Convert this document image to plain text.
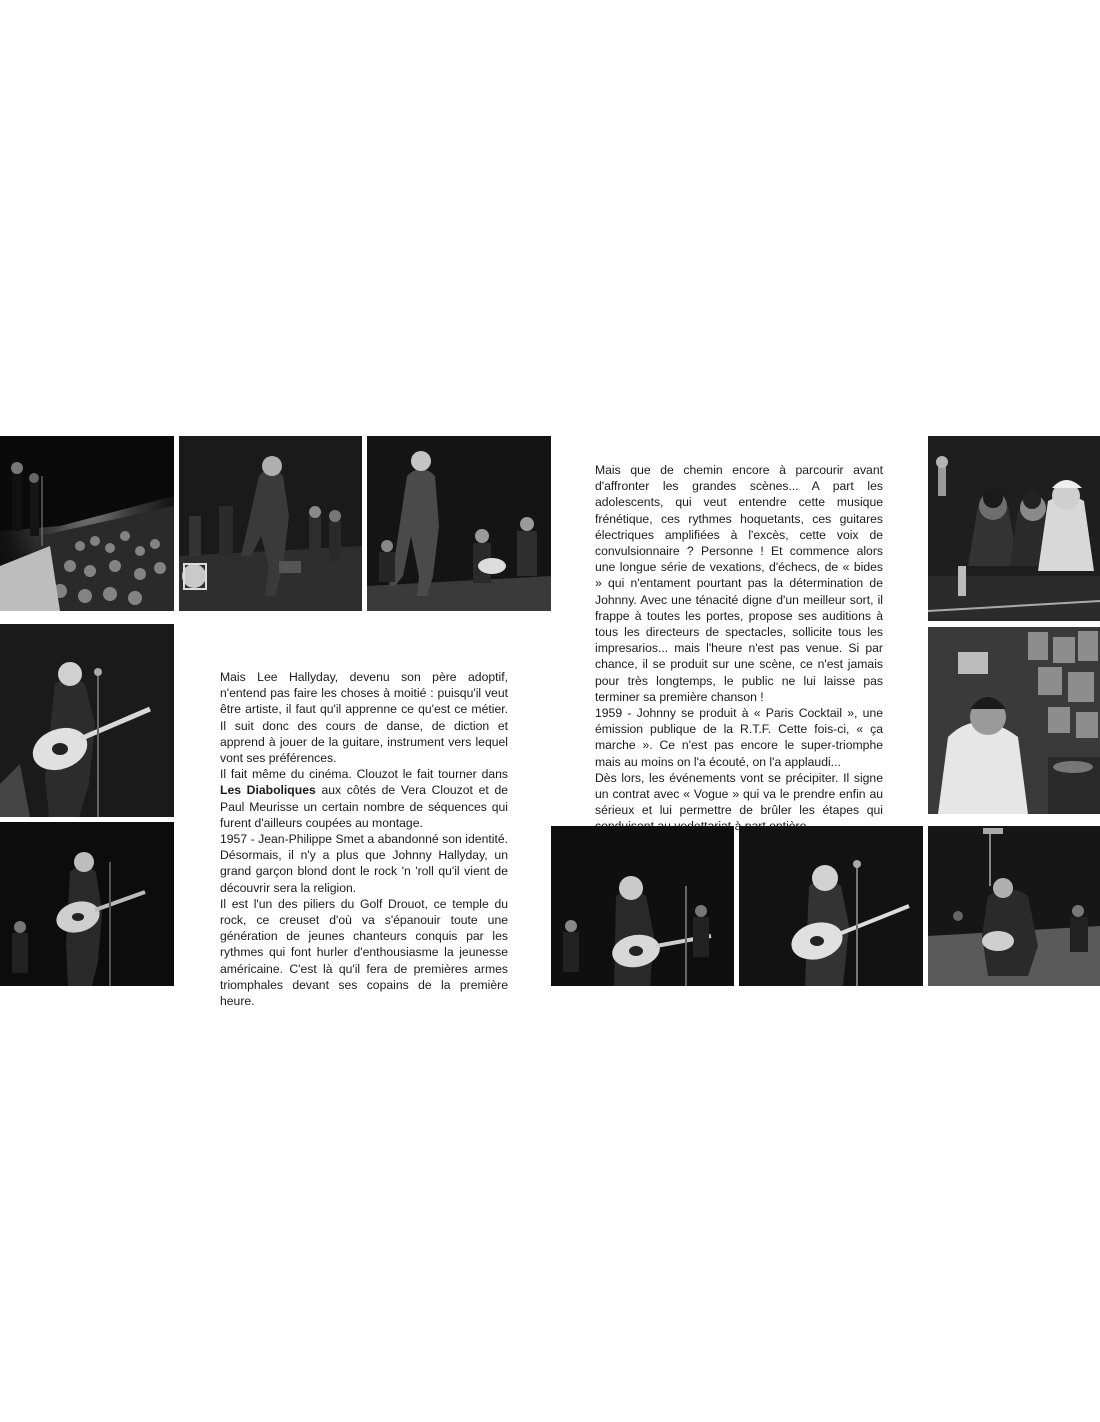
Mais Lee Hallyday, devenu son père adoptif, n'entend pas faire les choses à moitié : puisqu'il veut être artiste, il faut qu'il apprenne ce qu'est ce métier. Il suit donc des cours de danse, de diction et apprend à jouer de la guitare, instrument vers lequel vont ses préférences.

Il fait même du cinéma. Clouzot le fait tourner dans Les Diaboliques aux côtés de Vera Clouzot et de Paul Meurisse un certain nombre de séquences qui furent d'ailleurs coupées au montage.

1957 - Jean-Philippe Smet a abandonné son identité. Désormais, il n'y a plus que Johnny Hallyday, un grand garçon blond dont le rock 'n 'roll qu'il vient de découvrir sera la religion.

Il est l'un des piliers du Golf Drouot, ce temple du rock, ce creuset d'où va s'épanouir toute une génération de jeunes chanteurs conquis par les rythmes qui font hurler d'enthousiasme la jeunesse américaine. C'est là qu'il fera de premières armes triomphales devant ses copains de la première heure.

Mais que de chemin encore à parcourir avant d'affronter les grandes scènes... A part les adolescents, qui veut entendre cette musique frénétique, ces rythmes hoquetants, ces guitares électriques amplifiées à l'excès, cette voix de convulsionnaire ? Personne ! Et commence alors une longue série de vexations, d'échecs, de « bides » qui n'entament pourtant pas la détermination de Johnny. Avec une ténacité digne d'un meilleur sort, il frappe à toutes les portes, propose ses auditions à tous les directeurs de spectacles, sollicite tous les impresarios... mais l'heure n'est pas venue. Si par chance, il se produit sur une scène, ce n'est jamais pour très longtemps, le public ne lui laisse pas terminer sa première chanson !

1959 - Johnny se produit à « Paris Cocktail », une émission publique de la R.T.F. Cette fois-ci, « ça marche ». Ce n'est pas encore le super-triomphe mais au moins on l'a écouté, on l'a applaudi...

Dès lors, les événements vont se précipiter. Il signe un contrat avec « Vogue » qui va le prendre enfin au sérieux et lui permettre de brûler les étapes qui à
